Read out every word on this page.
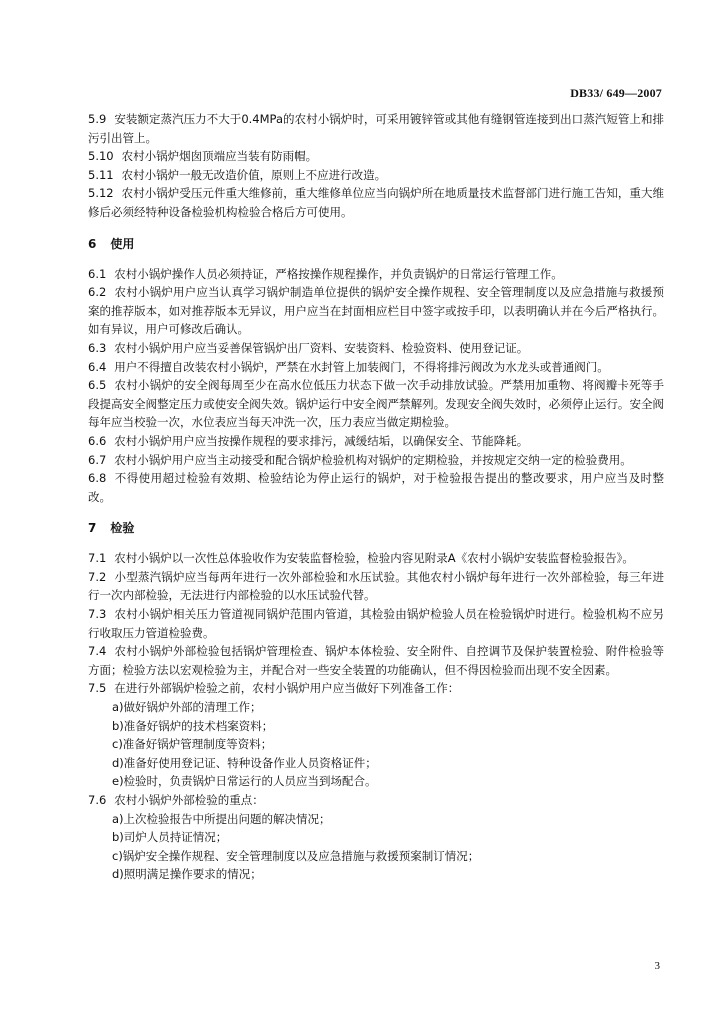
DB33/ 649—2007

5.9 安装额定蒸汽压力不大于0.4MPa的农村小锅炉时，可采用镀锌管或其他有缝钢管连接到出口蒸汽短管上和排污引出管上。

5.10 农村小锅炉烟囱顶端应当装有防雨帽。

5.11 农村小锅炉一般无改造价值，原则上不应进行改造。

5.12 农村小锅炉受压元件重大维修前，重大维修单位应当向锅炉所在地质量技术监督部门进行施工告知，重大维修后必须经特种设备检验机构检验合格后方可使用。

6 使用

6.1 农村小锅炉操作人员必须持证，严格按操作规程操作，并负责锅炉的日常运行管理工作。

6.2 农村小锅炉用户应当认真学习锅炉制造单位提供的锅炉安全操作规程、安全管理制度以及应急措施与救援预案的推荐版本，如对推荐版本无异议，用户应当在封面相应栏目中签字或按手印，以表明确认并在今后严格执行。如有异议，用户可修改后确认。

6.3 农村小锅炉用户应当妥善保管锅炉出厂资料、安装资料、检验资料、使用登记证。

6.4 用户不得擅自改装农村小锅炉，严禁在水封管上加装阀门，不得将排污阀改为水龙头或普通阀门。

6.5 农村小锅炉的安全阀每周至少在高水位低压力状态下做一次手动排放试验。严禁用加重物、将阀瓣卡死等手段提高安全阀整定压力或使安全阀失效。锅炉运行中安全阀严禁解列。发现安全阀失效时，必须停止运行。安全阀每年应当校验一次，水位表应当每天冲洗一次，压力表应当做定期检验。

6.6 农村小锅炉用户应当按操作规程的要求排污，减缓结垢，以确保安全、节能降耗。

6.7 农村小锅炉用户应当主动接受和配合锅炉检验机构对锅炉的定期检验，并按规定交纳一定的检验费用。

6.8 不得使用超过检验有效期、检验结论为停止运行的锅炉，对于检验报告提出的整改要求，用户应当及时整改。

7 检验

7.1 农村小锅炉以一次性总体验收作为安装监督检验，检验内容见附录A《农村小锅炉安装监督检验报告》。

7.2 小型蒸汽锅炉应当每两年进行一次外部检验和水压试验。其他农村小锅炉每年进行一次外部检验，每三年进行一次内部检验，无法进行内部检验的以水压试验代替。

7.3 农村小锅炉相关压力管道视同锅炉范围内管道，其检验由锅炉检验人员在检验锅炉时进行。检验机构不应另行收取压力管道检验费。

7.4 农村小锅炉外部检验包括锅炉管理检查、锅炉本体检验、安全附件、自控调节及保护装置检验、附件检验等方面；检验方法以宏观检验为主，并配合对一些安全装置的功能确认，但不得因检验而出现不安全因素。

7.5 在进行外部锅炉检验之前，农村小锅炉用户应当做好下列准备工作：

a)做好锅炉外部的清理工作；

b)准备好锅炉的技术档案资料；

c)准备好锅炉管理制度等资料；

d)准备好使用登记证、特种设备作业人员资格证件；

e)检验时，负责锅炉日常运行的人员应当到场配合。

7.6 农村小锅炉外部检验的重点：

a)上次检验报告中所提出问题的解决情况；

b)司炉人员持证情况；

c)锅炉安全操作规程、安全管理制度以及应急措施与救援预案制订情况；

d)照明满足操作要求的情况；

3
